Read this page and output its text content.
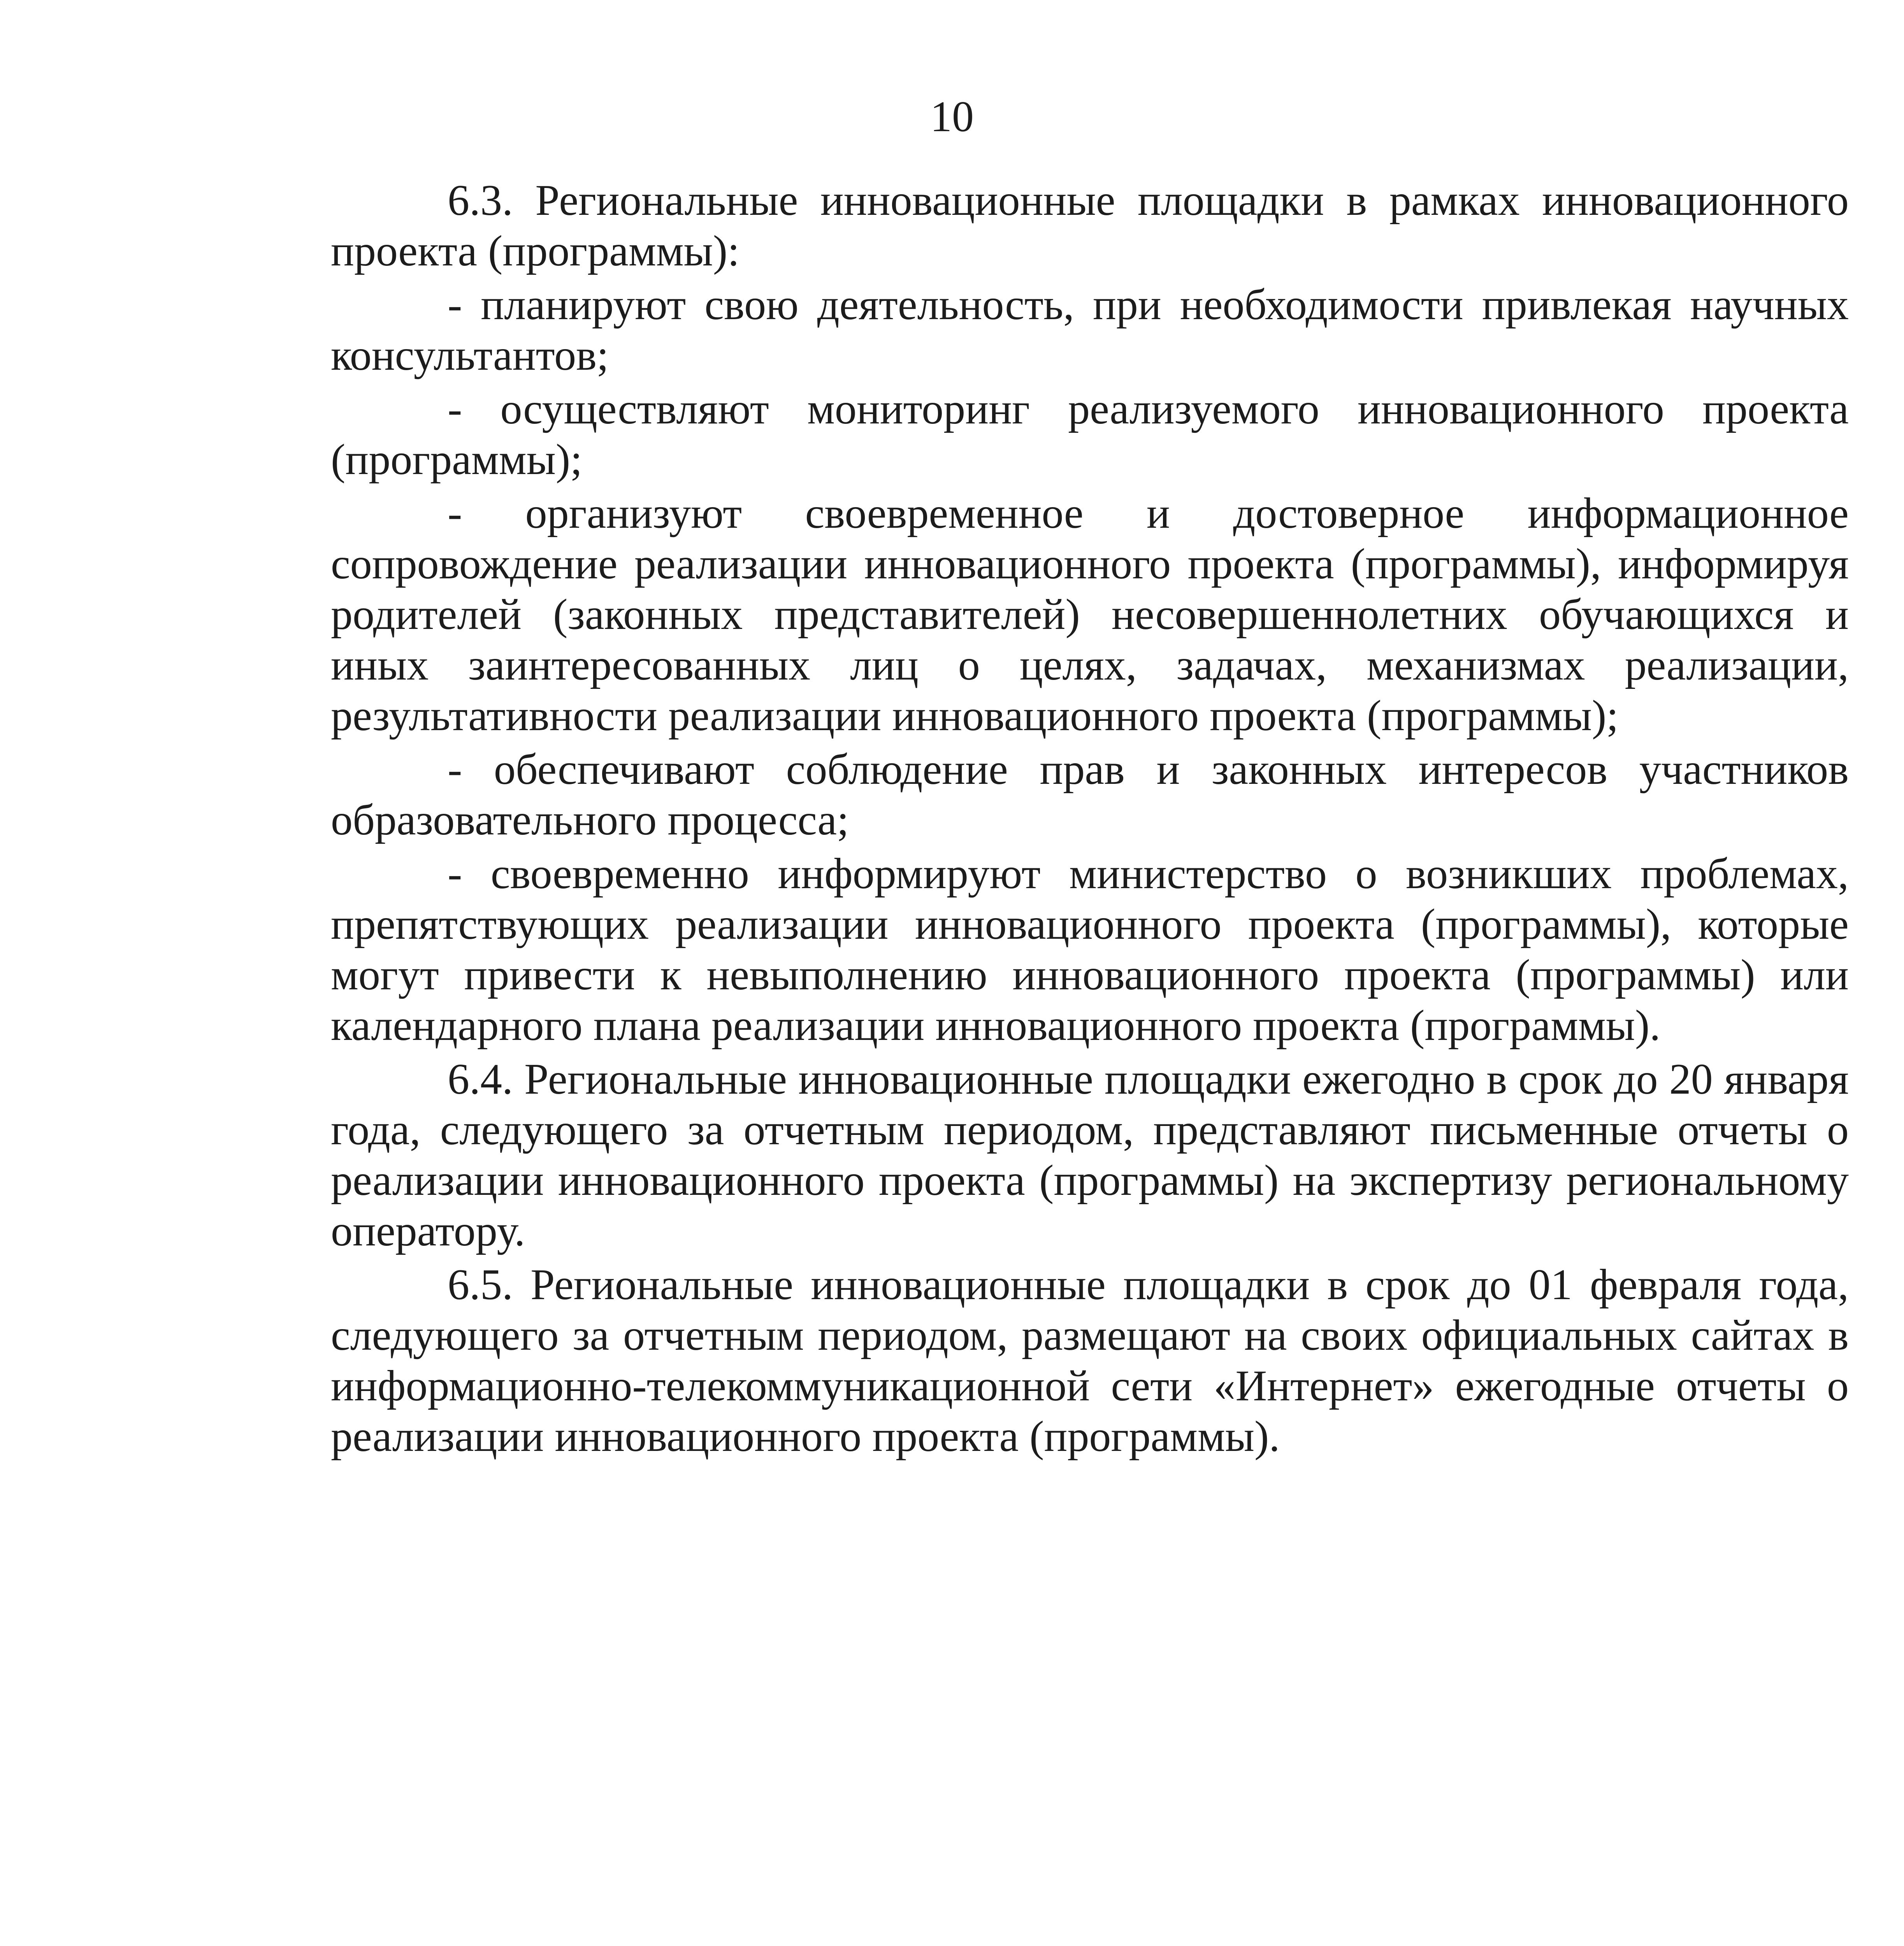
10

6.3. Региональные инновационные площадки в рамках инновационного проекта (программы):

- планируют свою деятельность, при необходимости привлекая научных консультантов;

- осуществляют мониторинг реализуемого инновационного проекта (программы);

- организуют своевременное и достоверное информационное сопровождение реализации инновационного проекта (программы), информируя родителей (законных представителей) несовершеннолетних обучающихся и иных заинтересованных лиц о целях, задачах, механизмах реализации, результативности реализации инновационного проекта (программы);

- обеспечивают соблюдение прав и законных интересов участников образовательного процесса;

- своевременно информируют министерство о возникших проблемах, препятствующих реализации инновационного проекта (программы), которые могут привести к невыполнению инновационного проекта (программы) или календарного плана реализации инновационного проекта (программы).

6.4. Региональные инновационные площадки ежегодно в срок до 20 января года, следующего за отчетным периодом, представляют письменные отчеты о реализации инновационного проекта (программы) на экспертизу региональному оператору.

6.5. Региональные инновационные площадки в срок до 01 февраля года, следующего за отчетным периодом, размещают на своих официальных сайтах в информационно-телекоммуникационной сети «Интернет» ежегодные отчеты о реализации инновационного проекта (программы).
